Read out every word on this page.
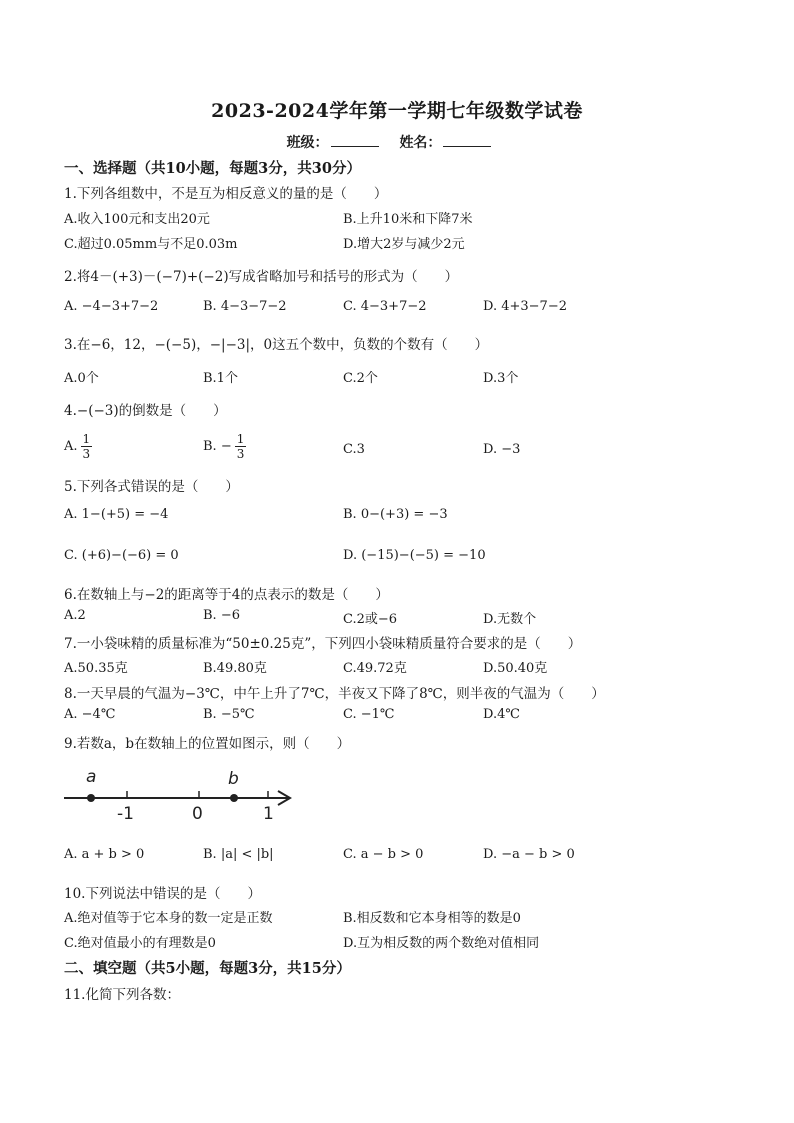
2023-2024学年第一学期七年级数学试卷
班级：	姓名：
一、选择题（共10小题，每题3分，共30分）
1.下列各组数中，不是互为相反意义的量的是（　　）
A.收入100元和支出20元	B.上升10米和下降7米
C.超过0.05mm与不足0.03m	D.增大2岁与减少2元
2.将4－(+3)－(−7)+(−2)写成省略加号和括号的形式为（　　）
A. −4−3+7−2	B. 4−3−7−2	C. 4−3+7−2	D. 4+3−7−2
3.在−6，12，−(−5)，−|−3|，0这五个数中，负数的个数有（　　）
A.0个	B.1个	C.2个	D.3个
4.−(−3)的倒数是（　　）
A. $\frac{1}{3}$	B. − $\frac{1}{3}$	C.3	D. −3
5.下列各式错误的是（　　）
A. 1−(+5) = −4	B. 0−(+3) = −3
C. (+6)−(−6) = 0	D. (−15)−(−5) = −10
6.在数轴上与−2的距离等于4的点表示的数是（　　）
A.2	B. −6	C.2或−6	D.无数个
7.一小袋味精的质量标准为“50±0.25克”，下列四小袋味精质量符合要求的是（　　）
A.50.35克	B.49.80克	C.49.72克	D.50.40克
8.一天早晨的气温为−3℃，中午上升了7℃，半夜又下降了8℃，则半夜的气温为（　　）
A. −4℃	B. −5℃	C. −1℃	D.4℃
9.若数a，b在数轴上的位置如图示，则（　　）
a	b
-1	0	1
A. a + b > 0	B. |a| < |b|	C. a − b > 0	D. −a − b > 0
10.下列说法中错误的是（　　）
A.绝对值等于它本身的数一定是正数	B.相反数和它本身相等的数是0
C.绝对值最小的有理数是0	D.互为相反数的两个数绝对值相同
二、填空题（共5小题，每题3分，共15分）
11.化简下列各数：
